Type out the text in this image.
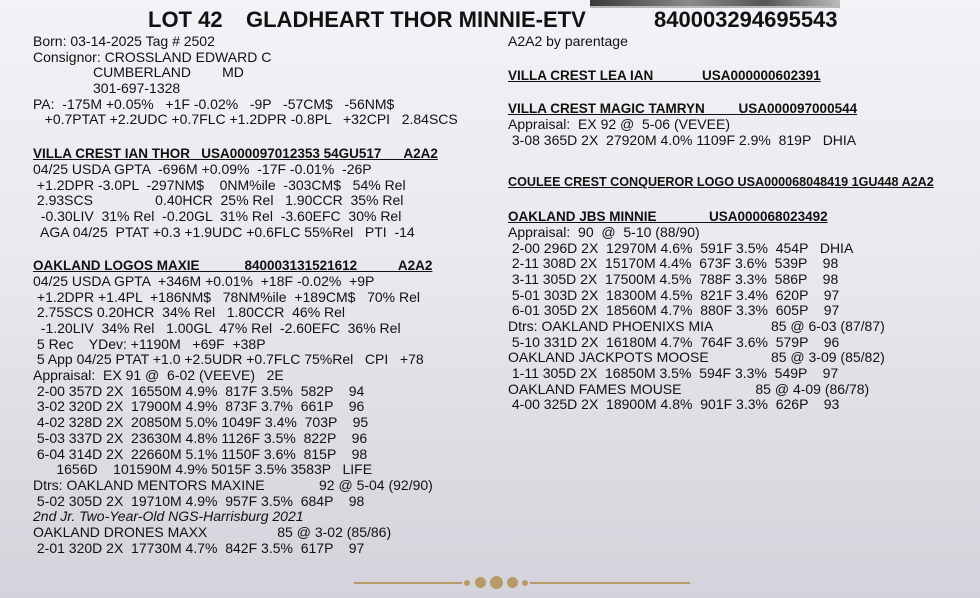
LOT 42

GLADHEART THOR MINNIE-ETV

	840003294695543

Born: 03-14-2025 Tag # 2502
Consignor: CROSSLAND EDWARD C
CUMBERLAND        MD
301-697-1328
PA:  -175M +0.05%   +1F -0.02%   -9P   -57CM$   -56NM$
+0.7PTAT +2.2UDC +0.7FLC +1.2DPR -0.8PL   +32CPI   2.84SCS
VILLA CREST IAN THOR   USA000097012353 54GU517      A2A2
04/25 USDA GPTA  -696M +0.09%  -17F -0.01%  -26P
+1.2DPR -3.0PL  -297NM$    0NM%ile  -303CM$   54% Rel
2.93SCS                0.40HCR  25% Rel   1.90CCR  35% Rel
-0.30LIV  31% Rel  -0.20GL  31% Rel  -3.60EFC  30% Rel
AGA 04/25  PTAT +0.3 +1.9UDC +0.6FLC 55%Rel   PTI  -14
OAKLAND LOGOS MAXIE            840003131521612           A2A2
04/25 USDA GPTA  +346M +0.01%  +18F -0.02%  +9P
+1.2DPR +1.4PL  +186NM$   78NM%ile  +189CM$   70% Rel
2.75SCS 0.20HCR  34% Rel   1.80CCR  46% Rel
-1.20LIV  34% Rel   1.00GL  47% Rel  -2.60EFC  36% Rel
5 Rec    YDev: +1190M   +69F  +38P
5 App 04/25 PTAT +1.0 +2.5UDR +0.7FLC 75%Rel   CPI   +78
Appraisal:  EX 91 @  6-02 (VEEVE)   2E
2-00 357D 2X  16550M 4.9%  817F 3.5%  582P    94
3-02 320D 2X  17900M 4.9%  873F 3.7%  661P    96
4-02 328D 2X  20850M 5.0% 1049F 3.4%  703P    95
5-03 337D 2X  23630M 4.8% 1126F 3.5%  822P    96
6-04 314D 2X  22660M 5.1% 1150F 3.6%  815P    98
1656D    101590M 4.9% 5015F 3.5% 3583P   LIFE
Dtrs: OAKLAND MENTORS MAXINE              92 @ 5-04 (92/90)
5-02 305D 2X  19710M 4.9%  957F 3.5%  684P    98
2nd Jr. Two-Year-Old NGS-Harrisburg 2021
OAKLAND DRONES MAXX                  85 @ 3-02 (85/86)
2-01 320D 2X  17730M 4.7%  842F 3.5%  617P    97
A2A2 by parentage
VILLA CREST LEA IAN             USA000000602391
VILLA CREST MAGIC TAMRYN         USA000097000544
Appraisal:  EX 92 @  5-06 (VEVEE)
3-08 365D 2X  27920M 4.0% 1109F 2.9%  819P   DHIA
COULEE CREST CONQUEROR LOGO USA000068048419 1GU448 A2A2
OAKLAND JBS MINNIE              USA000068023492
Appraisal:  90  @  5-10 (88/90)
2-00 296D 2X  12970M 4.6%  591F 3.5%  454P   DHIA
2-11 308D 2X  15170M 4.4%  673F 3.6%  539P    98
3-11 305D 2X  17500M 4.5%  788F 3.3%  586P    98
5-01 303D 2X  18300M 4.5%  821F 3.4%  620P    97
6-01 305D 2X  18560M 4.7%  880F 3.3%  605P    97
Dtrs: OAKLAND PHOENIXS MIA               85 @ 6-03 (87/87)
5-10 331D 2X  16180M 4.7%  764F 3.6%  579P    96
OAKLAND JACKPOTS MOOSE                85 @ 3-09 (85/82)
1-11 305D 2X  16850M 3.5%  594F 3.3%  549P    97
OAKLAND FAMES MOUSE                   85 @ 4-09 (86/78)
4-00 325D 2X  18900M 4.8%  901F 3.3%  626P    93
